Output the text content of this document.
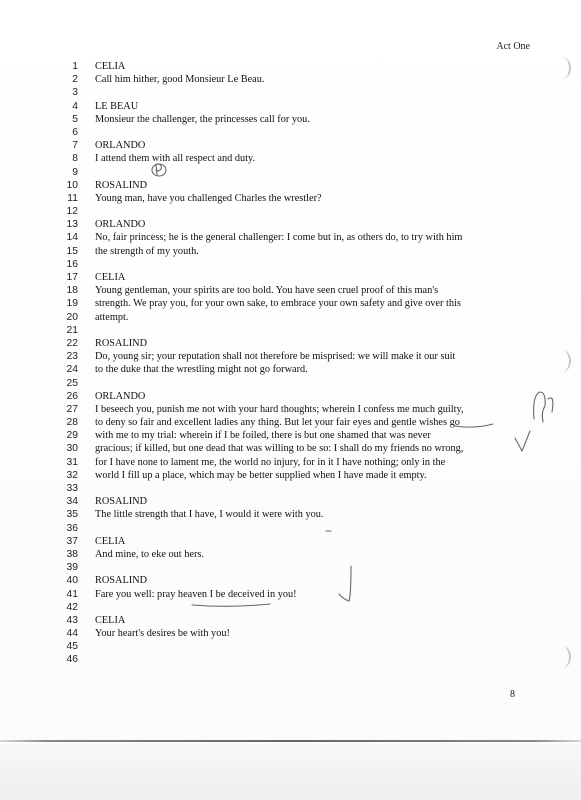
Act One
1 CELIA
2 Call him hither, good Monsieur Le Beau.
3
4 LE BEAU
5 Monsieur the challenger, the princesses call for you.
6
7 ORLANDO
8 I attend them with all respect and duty.
9
10 ROSALIND
11 Young man, have you challenged Charles the wrestler?
12
13 ORLANDO
14 No, fair princess; he is the general challenger: I come but in, as others do, to try with him
15 the strength of my youth.
16
17 CELIA
18 Young gentleman, your spirits are too bold. You have seen cruel proof of this man's
19 strength. We pray you, for your own sake, to embrace your own safety and give over this
20 attempt.
21
22 ROSALIND
23 Do, young sir; your reputation shall not therefore be misprised: we will make it our suit
24 to the duke that the wrestling might not go forward.
25
26 ORLANDO
27 I beseech you, punish me not with your hard thoughts; wherein I confess me much guilty,
28 to deny so fair and excellent ladies any thing. But let your fair eyes and gentle wishes go
29 with me to my trial: wherein if I be foiled, there is but one shamed that was never
30 gracious; if killed, but one dead that was willing to be so: I shall do my friends no wrong,
31 for I have none to lament me, the world no injury, for in it I have nothing; only in the
32 world I fill up a place, which may be better supplied when I have made it empty.
33
34 ROSALIND
35 The little strength that I have, I would it were with you.
36
37 CELIA
38 And mine, to eke out hers.
39
40 ROSALIND
41 Fare you well: pray heaven I be deceived in you!
42
43 CELIA
44 Your heart's desires be with you!
45
46
8
